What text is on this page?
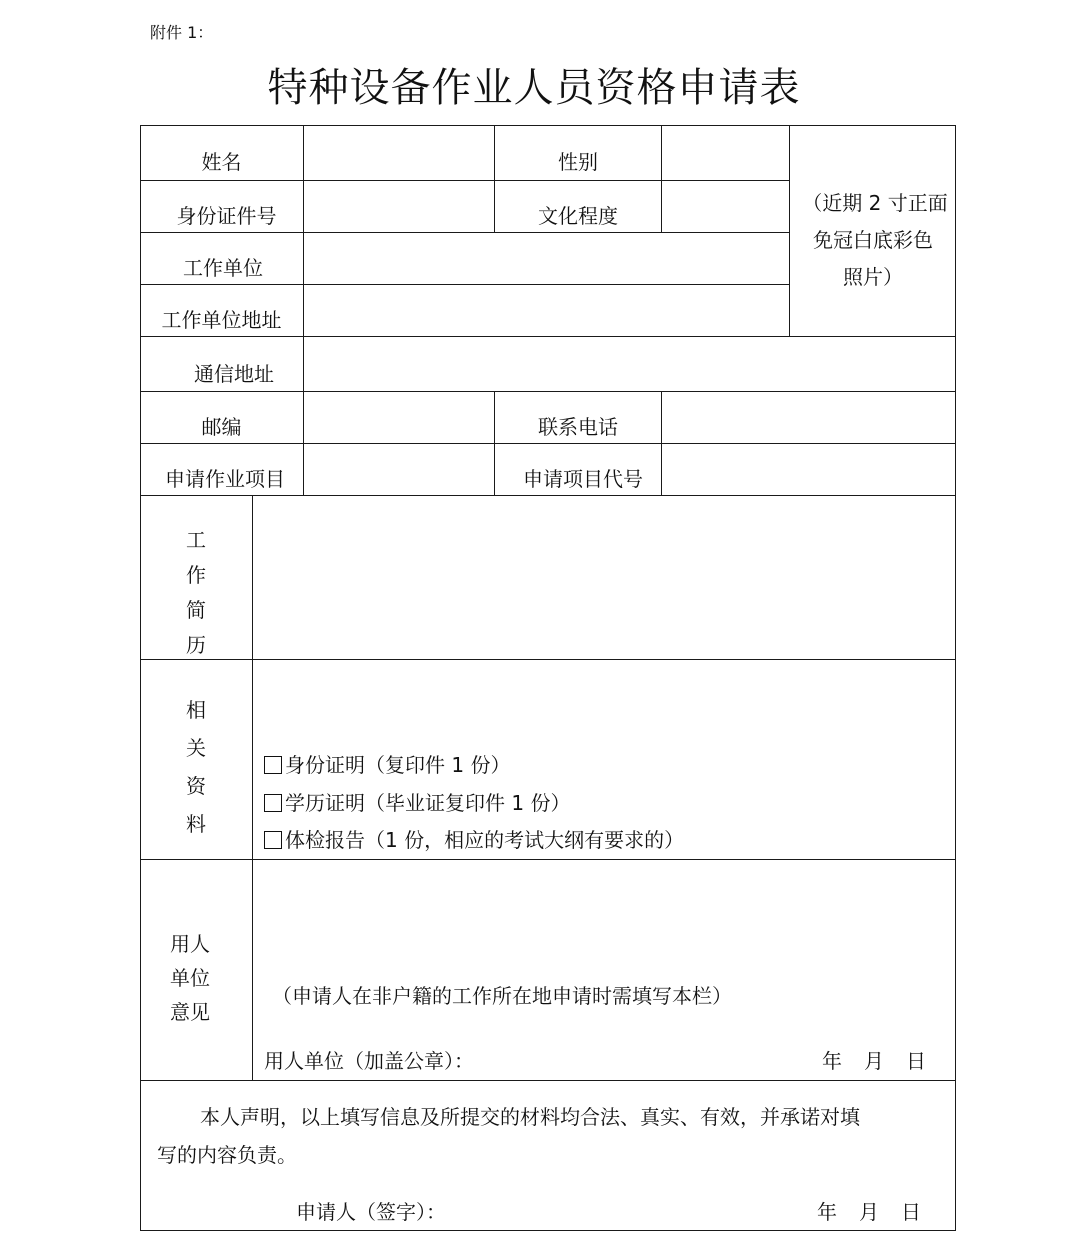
附件 1：
特种设备作业人员资格申请表
姓名	性别
身份证件号	文化程度
工作单位
工作单位地址
通信地址
邮编	联系电话
申请作业项目	申请项目代号
（近期 2 寸正面
免冠白底彩色
照片）
工
作
简
历
相
关
资
料
身份证明（复印件 1 份）
学历证明（毕业证复印件 1 份）
体检报告（1 份，相应的考试大纲有要求的）
用人
单位
意见
（申请人在非户籍的工作所在地申请时需填写本栏）
用人单位（加盖公章）：	年　月　日
本人声明，以上填写信息及所提交的材料均合法、真实、有效，并承诺对填
写的内容负责。
申请人（签字）：	年　月　日
